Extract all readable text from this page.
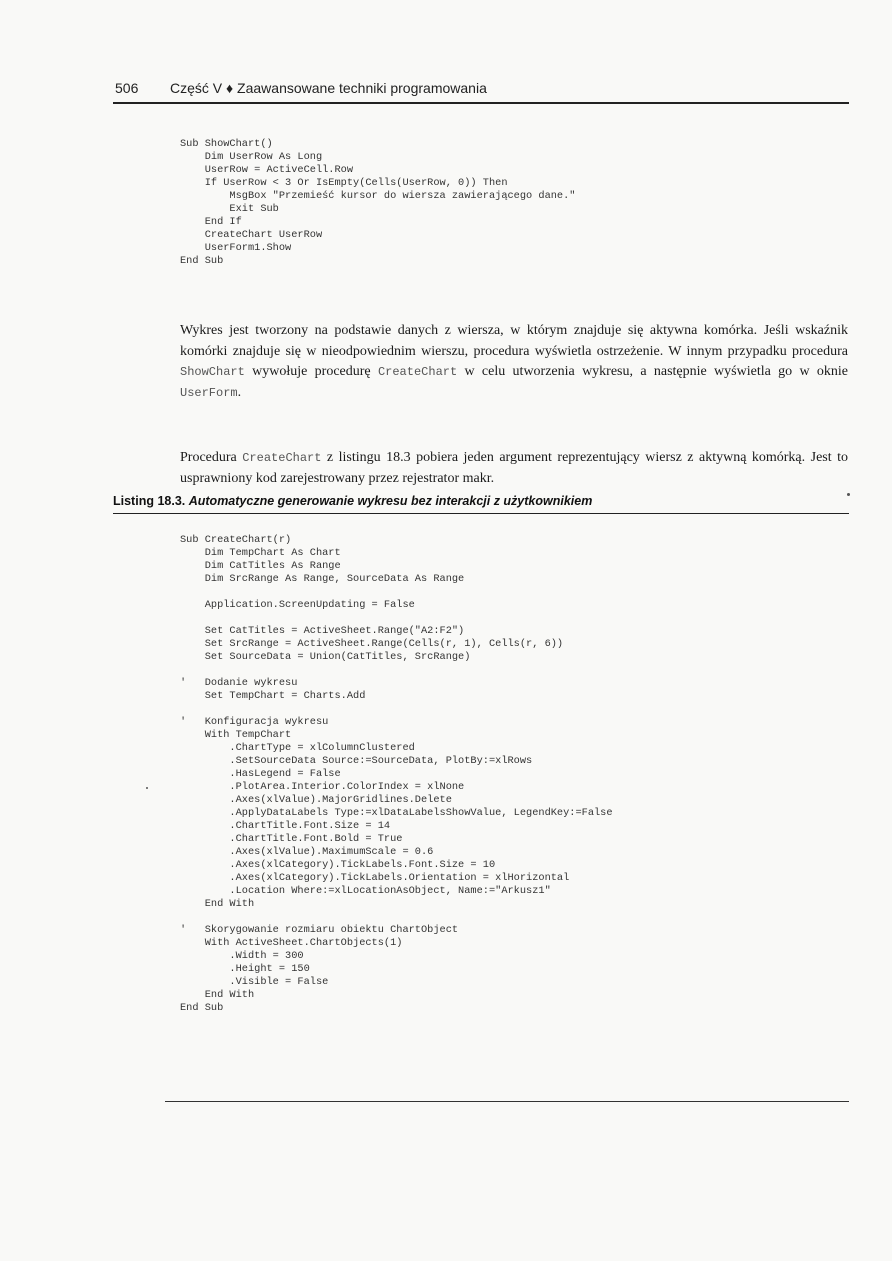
506 Część V ♦ Zaawansowane techniki programowania
Sub ShowChart()
Dim UserRow As Long
UserRow = ActiveCell.Row
If UserRow < 3 Or IsEmpty(Cells(UserRow, 0)) Then
MsgBox "Przemieść kursor do wiersza zawierającego dane."
Exit Sub
End If
CreateChart UserRow
UserForm1.Show
End Sub

Wykres jest tworzony na podstawie danych z wiersza, w którym znajduje się aktywna komórka. Jeśli wskaźnik komórki znajduje się w nieodpowiednim wierszu, procedura wyświetla ostrzeżenie. W innym przypadku procedura ShowChart wywołuje procedurę CreateChart w celu utworzenia wykresu, a następnie wyświetla go w oknie UserForm.

Procedura CreateChart z listingu 18.3 pobiera jeden argument reprezentujący wiersz z aktywną komórką. Jest to usprawniony kod zarejestrowany przez rejestrator makr.

Listing 18.3. Automatyczne generowanie wykresu bez interakcji z użytkownikiem
Sub CreateChart(r)
Dim TempChart As Chart
Dim CatTitles As Range
Dim SrcRange As Range, SourceData As Range

Application.ScreenUpdating = False

Set CatTitles = ActiveSheet.Range("A2:F2")
Set SrcRange = ActiveSheet.Range(Cells(r, 1), Cells(r, 6))
Set SourceData = Union(CatTitles, SrcRange)

'   Dodanie wykresu
Set TempChart = Charts.Add

'   Konfiguracja wykresu
With TempChart
.ChartType = xlColumnClustered
.SetSourceData Source:=SourceData, PlotBy:=xlRows
.HasLegend = False
.PlotArea.Interior.ColorIndex = xlNone
.Axes(xlValue).MajorGridlines.Delete
.ApplyDataLabels Type:=xlDataLabelsShowValue, LegendKey:=False
.ChartTitle.Font.Size = 14
.ChartTitle.Font.Bold = True
.Axes(xlValue).MaximumScale = 0.6
.Axes(xlCategory).TickLabels.Font.Size = 10
.Axes(xlCategory).TickLabels.Orientation = xlHorizontal
.Location Where:=xlLocationAsObject, Name:="Arkusz1"
End With

'   Skorygowanie rozmiaru obiektu ChartObject
With ActiveSheet.ChartObjects(1)
.Width = 300
.Height = 150
.Visible = False
End With
End Sub
